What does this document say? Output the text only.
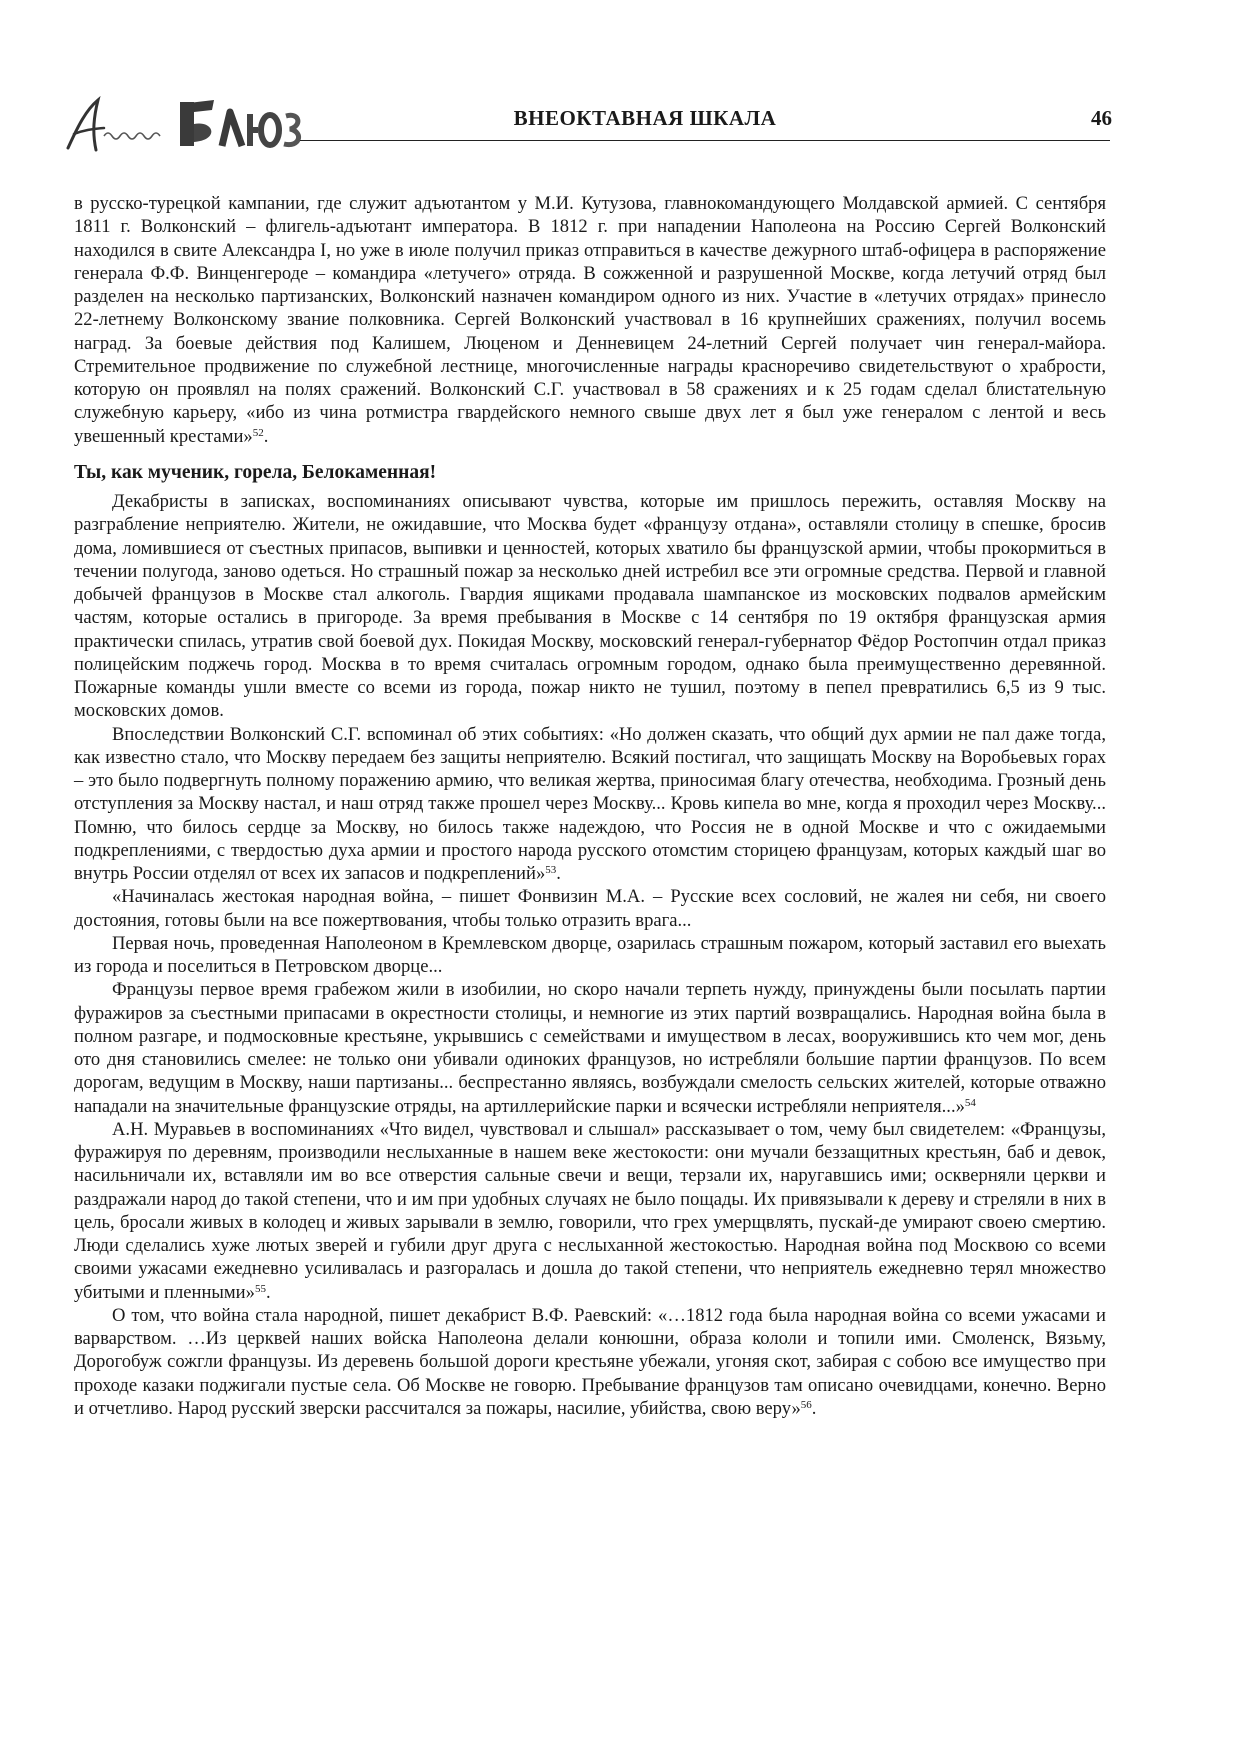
ВНЕОКТАВНАЯ ШКАЛА	46

в русско-турецкой кампании, где служит адъютантом у М.И. Кутузова, главнокомандующего Молдавской армией. С сентября 1811 г. Волконский – флигель-адъютант императора. В 1812 г. при нападении Наполеона на Россию Сергей Волконский находился в свите Александра I, но уже в июле получил приказ отправиться в качестве дежурного штаб-офицера в распоряжение генерала Ф.Ф. Винценгероде – командира «летучего» отряда. В сожженной и разрушенной Москве, когда летучий отряд был разделен на несколько партизанских, Волконский назначен командиром одного из них. Участие в «летучих отрядах» принесло 22-летнему Волконскому звание полковника. Сергей Волконский участвовал в 16 крупнейших сражениях, получил восемь наград. За боевые действия под Калишем, Люценом и Денневицем 24-летний Сергей получает чин генерал-майора. Стремительное продвижение по служебной лестнице, многочисленные награды красноречиво свидетельствуют о храбрости, которую он проявлял на полях сражений. Волконский С.Г. участвовал в 58 сражениях и к 25 годам сделал блистательную служебную карьеру, «ибо из чина ротмистра гвардейского немного свыше двух лет я был уже генералом с лентой и весь увешенный крестами»$^{52}$.

Ты, как мученик, горела, Белокаменная!

Декабристы в записках, воспоминаниях описывают чувства, которые им пришлось пережить, оставляя Москву на разграбление неприятелю. Жители, не ожидавшие, что Москва будет «французу отдана», оставляли столицу в спешке, бросив дома, ломившиеся от съестных припасов, выпивки и ценностей, которых хватило бы французской армии, чтобы прокормиться в течении полугода, заново одеться. Но страшный пожар за несколько дней истребил все эти огромные средства. Первой и главной добычей французов в Москве стал алкоголь. Гвардия ящиками продавала шампанское из московских подвалов армейским частям, которые остались в пригороде. За время пребывания в Москве с 14 сентября по 19 октября французская армия практически спилась, утратив свой боевой дух. Покидая Москву, московский генерал-губернатор Фёдор Ростопчин отдал приказ полицейским поджечь город. Москва в то время считалась огромным городом, однако была преимущественно деревянной. Пожарные команды ушли вместе со всеми из города, пожар никто не тушил, поэтому в пепел превратились 6,5 из 9 тыс. московских домов.

Впоследствии Волконский С.Г. вспоминал об этих событиях: «Но должен сказать, что общий дух армии не пал даже тогда, как известно стало, что Москву передаем без защиты неприятелю. Всякий постигал, что защищать Москву на Воробьевых горах – это было подвергнуть полному поражению армию, что великая жертва, приносимая благу отечества, необходима. Грозный день отступления за Москву настал, и наш отряд также прошел через Москву... Кровь кипела во мне, когда я проходил через Москву... Помню, что билось сердце за Москву, но билось также надеждою, что Россия не в одной Москве и что с ожидаемыми подкреплениями, с твердостью духа армии и простого народа русского отомстим сторицею французам, которых каждый шаг во внутрь России отделял от всех их запасов и подкреплений»$^{53}$.

«Начиналась жестокая народная война, – пишет Фонвизин М.А. – Русские всех сословий, не жалея ни себя, ни своего достояния, готовы были на все пожертвования, чтобы только отразить врага...

Первая ночь, проведенная Наполеоном в Кремлевском дворце, озарилась страшным пожаром, который заставил его выехать из города и поселиться в Петровском дворце...

Французы первое время грабежом жили в изобилии, но скоро начали терпеть нужду, принуждены были посылать партии фуражиров за съестными припасами в окрестности столицы, и немногие из этих партий возвращались. Народная война была в полном разгаре, и подмосковные крестьяне, укрывшись с семействами и имуществом в лесах, вооружившись кто чем мог, день ото дня становились смелее: не только они убивали одиноких французов, но истребляли большие партии французов. По всем дорогам, ведущим в Москву, наши партизаны... беспрестанно являясь, возбуждали смелость сельских жителей, которые отважно нападали на значительные французские отряды, на артиллерийские парки и всячески истребляли неприятеля...»$^{54}$

А.Н. Муравьев в воспоминаниях «Что видел, чувствовал и слышал» рассказывает о том, чему был свидетелем: «Французы, фуражируя по деревням, производили неслыханные в нашем веке жестокости: они мучали беззащитных крестьян, баб и девок, насильничали их, вставляли им во все отверстия сальные свечи и вещи, терзали их, наругавшись ими; оскверняли церкви и раздражали народ до такой степени, что и им при удобных случаях не было пощады. Их привязывали к дереву и стреляли в них в цель, бросали живых в колодец и живых зарывали в землю, говорили, что грех умерщвлять, пускай-де умирают своею смертию. Люди сделались хуже лютых зверей и губили друг друга с неслыханной жестокостью. Народная война под Москвою со всеми своими ужасами ежедневно усиливалась и разгоралась и дошла до такой степени, что неприятель ежедневно терял множество убитыми и пленными»$^{55}$.

О том, что война стала народной, пишет декабрист В.Ф. Раевский: «…1812 года была народная война со всеми ужасами и варварством. …Из церквей наших войска Наполеона делали конюшни, образа кололи и топили ими. Смоленск, Вязьму, Дорогобуж сожгли французы. Из деревень большой дороги крестьяне убежали, угоняя скот, забирая с собою все имущество при проходе казаки поджигали пустые села. Об Москве не говорю. Пребывание французов там описано очевидцами, конечно. Верно и отчетливо. Народ русский зверски рассчитался за пожары, насилие, убийства, свою веру»$^{56}$.
